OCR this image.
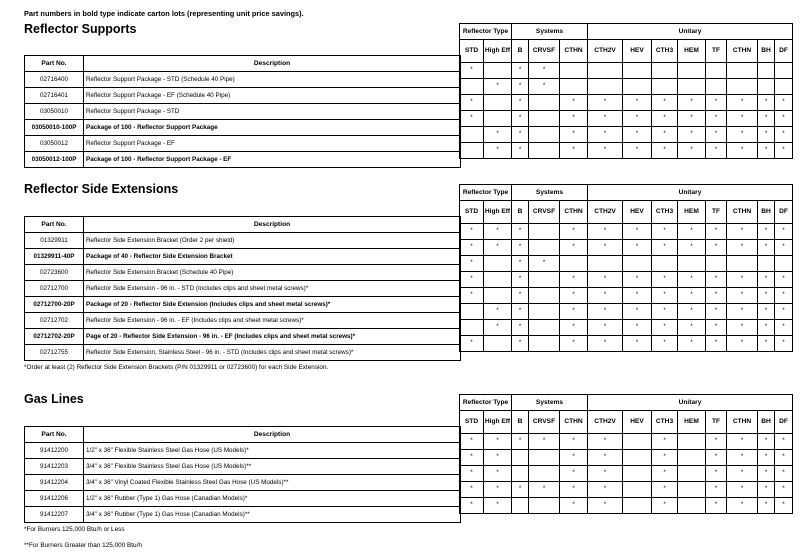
Part numbers in bold type indicate carton lots (representing unit price savings).
Reflector Supports
Part No.	Description
02716400	Reflector Support Package - STD (Schedule 40 Pipe)
02716401	Reflector Support Package - EF (Schedule 40 Pipe)
03050010	Reflector Support Package - STD
03050010-100P	Package of 100 - Reflector Support Package
03050012	Reflector Support Package - EF
03050012-100P	Package of 100 - Reflector Support Package - EF
Reflector Type		Systems			Unitary							
STD	High Eff	B	CRVSF	CTHN	CTH2V	HEV	CTH3	HEM	TF	CTHN	BH	DF
*		*	*									
	*	*	*									
*		*		*	*	*	*	*	*	*	*	*
*		*		*	*	*	*	*	*	*	*	*
	*	*		*	*	*	*	*	*	*	*	*
	*	*		*	*	*	*	*	*	*	*	*
Reflector Side Extensions
Part No.	Description
01329911	Reflector Side Extension Bracket (Order 2 per shield)
01329911-40P	Package of 40 - Reflector Side Extension Bracket
02723600	Reflector Side Extension Bracket (Schedule 40 Pipe)
02712700	Reflector Side Extension - 96 in. - STD (Includes clips and sheet metal screws)*
02712700-20P	Package of 20 - Reflector Side Extension (Includes clips and sheet metal screws)*
02712702	Reflector Side Extension - 96 in. - EF (Includes clips and sheet metal screws)*
02712702-20P	Page of 20 - Reflector Side Extension - 96 in. - EF (Includes clips and sheet metal screws)*
02712755	Reflector Side Extension, Stainless Steel - 96 in. - STD (Includes clips and sheet metal screws)*
Reflector Type		Systems			Unitary							
STD	High Eff	B	CRVSF	CTHN	CTH2V	HEV	CTH3	HEM	TF	CTHN	BH	DF
*	*	*		*	*	*	*	*	*	*	*	*
*	*	*		*	*	*	*	*	*	*	*	*
*		*	*									
*		*		*	*	*	*	*	*	*	*	*
*		*		*	*	*	*	*	*	*	*	*
	*	*		*	*	*	*	*	*	*	*	*
	*	*		*	*	*	*	*	*	*	*	*
*		*		*	*	*	*	*	*	*	*	*
*Order at least (2) Reflector Side Extension Brackets (P/N 01329911 or 02723600) for each Side Extension.
Gas Lines
Part No.	Description
91412200	1/2" x 36" Flexible Stainless Steel Gas Hose (US Models)*
91412203	3/4" x 36" Flexible Stainless Steel Gas Hose (US Models)**
91412204	3/4" x 36" Vinyl Coated Flexible Stainless Steel Gas Hose (US Models)**
91412206	1/2" x 36" Rubber (Type 1) Gas Hose (Canadian Models)*
91412207	3/4" x 36" Rubber (Type 1) Gas Hose (Canadian Models)**
Reflector Type		Systems			Unitary							
STD	High Eff	B	CRVSF	CTHN	CTH2V	HEV	CTH3	HEM	TF	CTHN	BH	DF
*	*	*	*	*	*		*		*	*	*	*
*	*			*	*		*		*	*	*	*
*	*			*	*		*		*	*	*	*
*	*	*	*	*	*		*		*	*	*	*
*	*			*	*		*		*	*	*	*
*For Burners 125,000 Btu/h or Less
**For Burners Greater than 125,000 Btu/h
